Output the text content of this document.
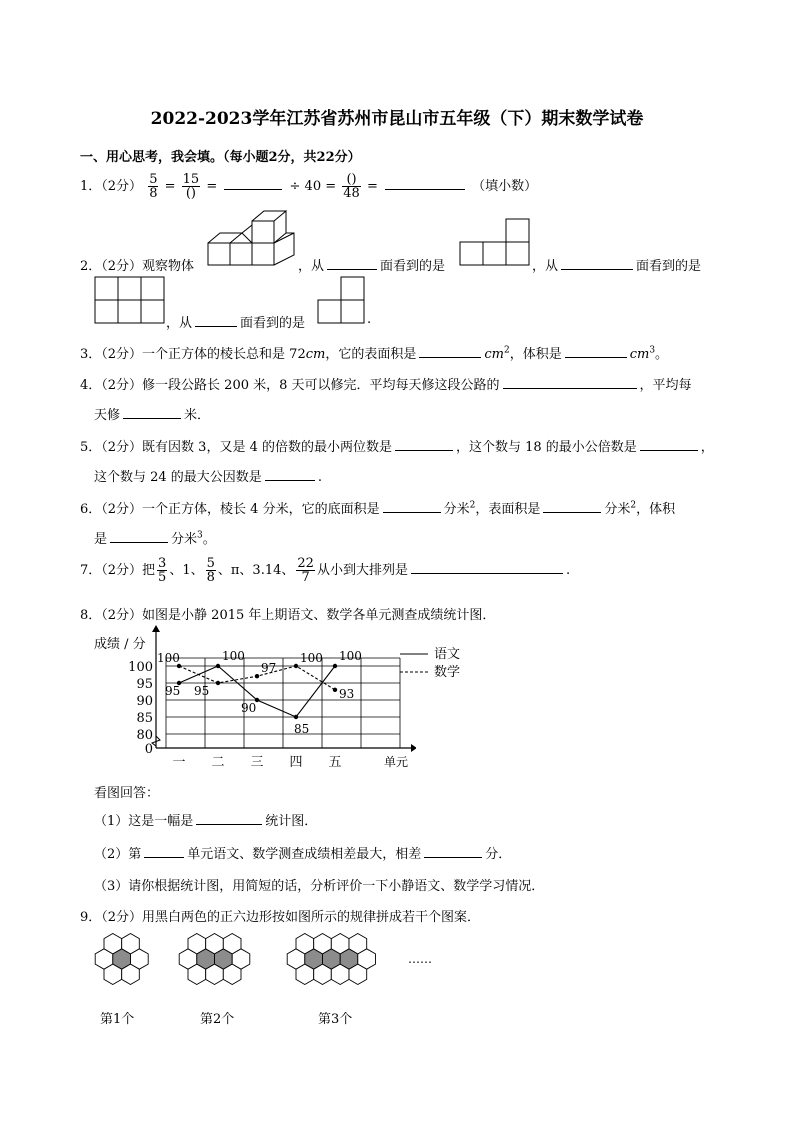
2022-2023学年江苏省苏州市昆山市五年级（下）期末数学试卷
一、用心思考，我会填。（每小题2分，共22分）
1．（2分） $\frac{5}{8} = \frac{15}{()}$ =	÷ $40 = \frac{()}{48}$ =	（填小数）
2．（2分）观察物体	，从	面看到的是	，从	面看到的是
，从	面看到的是	.
3．（2分）一个正方体的棱长总和是 72cm，它的表面积是	$cm^2$，体积是	$cm^3$。
4．（2分）修一段公路长 200 米，8 天可以修完．平均每天修这段公路的	，平均每
天修	米．
5．（2分）既有因数 3，又是 4 的倍数的最小两位数是	，这个数与 18 的最小公倍数是	，
这个数与 24 的最大公因数是	.
6．（2分）一个正方体，棱长 4 分米，它的底面积是	分米$^2$，表面积是	分米$^2$，体积
是	分米$^3$。
7．（2分）把 $\frac{3}{5}$ 、1、 $\frac{5}{8}$ 、π、3.14、 $\frac{22}{7}$ 从小到大排列是	.
8．（2分）如图是小静 2015 年上期语文、数学各单元测查成绩统计图．
100
95
90
85
80
0
成绩 / 分
一 二 三 四 五	单元
95
100
90
85
100
100
95
97
100
93
看图回答：
（1）这是一幅是	统计图．
（2）第	单元语文、数学测查成绩相差最大，相差	分．
（3）请你根据统计图，用简短的话，分析评价一下小静语文、数学学习情况．
9．（2分）用黑白两色的正六边形按如图所示的规律拼成若干个图案．
……
第1个	第2个	第3个
语文
数学
